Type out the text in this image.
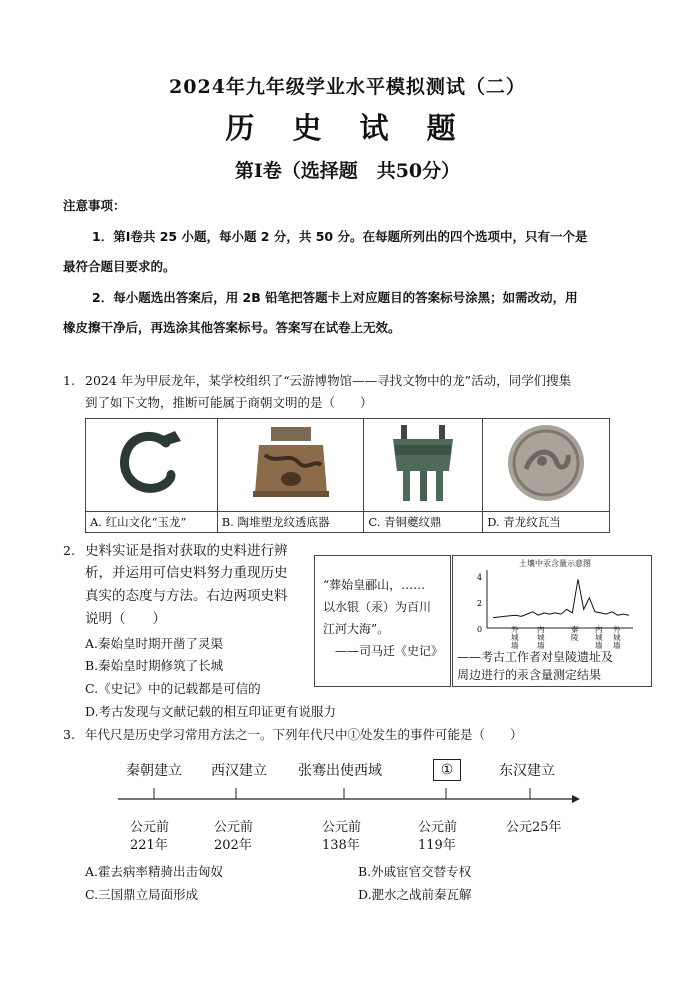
2024年九年级学业水平模拟测试（二）
历 史 试 题
第Ⅰ卷（选择题　共50分）
注意事项：
1．第Ⅰ卷共 25 小题，每小题 2 分，共 50 分。在每题所列出的四个选项中，只有一个是
最符合题目要求的。
2．每小题选出答案后，用 2B 铅笔把答题卡上对应题目的答案标号涂黑；如需改动，用
橡皮擦干净后，再选涂其他答案标号。答案写在试卷上无效。
1. 2024 年为甲辰龙年，某学校组织了“云游博物馆——寻找文物中的龙”活动，同学们搜集
到了如下文物，推断可能属于商朝文明的是（　　）

A. 红山文化“玉龙”	B. 陶堆塑龙纹透底器	C. 青铜夔纹鼎	D. 青龙纹瓦当
2. 史料实证是指对获取的史料进行辨
析，并运用可信史料努力重现历史
真实的态度与方法。右边两项史料
说明（　　）
A.秦始皇时期开凿了灵渠
B.秦始皇时期修筑了长城
C.《史记》中的记载都是可信的
D.考古发现与文献记载的相互印证更有说服力
“葬始皇郦山，……
以水银（汞）为百川
江河大海”。
——司马迁《史记》
土壤中汞含量示意图
0
2
4
外城墙
内城墙
秦陵
内城墙
外城墙
——考古工作者对皇陵遗址及
周边进行的汞含量测定结果
3. 年代尺是历史学习常用方法之一。下列年代尺中①处发生的事件可能是（　　）
秦朝建立 西汉建立 张骞出使西域	①	东汉建立
公元前
221年
公元前
202年
公元前
138年
公元前
119年
公元25年
A.霍去病率精骑出击匈奴	B.外戚宦官交替专权
C.三国鼎立局面形成	D.淝水之战前秦瓦解
